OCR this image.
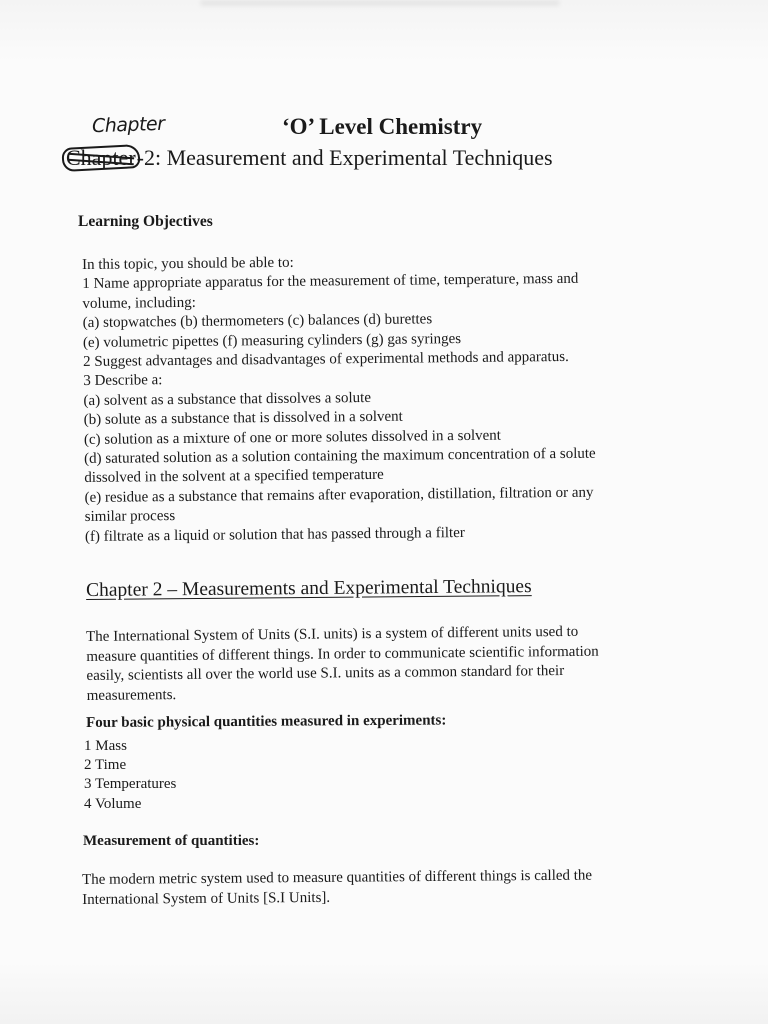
Chapter	‘O’ Level Chemistry
Chapter
-2: Measurement and Experimental Techniques
Learning Objectives
In this topic, you should be able to:
1 Name appropriate apparatus for the measurement of time, temperature, mass and
volume, including:
(a) stopwatches (b) thermometers (c) balances (d) burettes
(e) volumetric pipettes (f) measuring cylinders (g) gas syringes
2 Suggest advantages and disadvantages of experimental methods and apparatus.
3 Describe a:
(a) solvent as a substance that dissolves a solute
(b) solute as a substance that is dissolved in a solvent
(c) solution as a mixture of one or more solutes dissolved in a solvent
(d) saturated solution as a solution containing the maximum concentration of a solute
dissolved in the solvent at a specified temperature
(e) residue as a substance that remains after evaporation, distillation, filtration or any
similar process
(f) filtrate as a liquid or solution that has passed through a filter
Chapter 2 – Measurements and Experimental Techniques
The International System of Units (S.I. units) is a system of different units used to
measure quantities of different things. In order to communicate scientific information
easily, scientists all over the world use S.I. units as a common standard for their
measurements.
Four basic physical quantities measured in experiments:
1 Mass
2 Time
3 Temperatures
4 Volume
Measurement of quantities:
The modern metric system used to measure quantities of different things is called the
International System of Units [S.I Units].
